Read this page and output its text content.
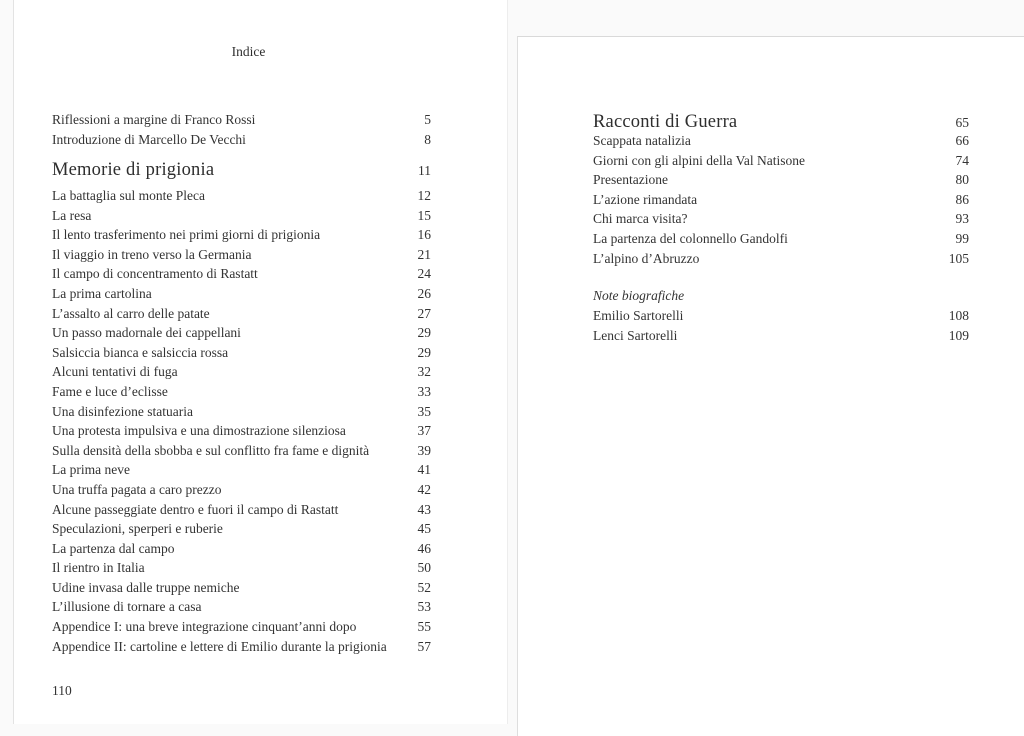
Indice
Riflessioni a margine di Franco Rossi	5
Introduzione di Marcello De Vecchi	8
Memorie di prigionia	11
La battaglia sul monte Pleca	12
La resa	15
Il lento trasferimento nei primi giorni di prigionia	16
Il viaggio in treno verso la Germania	21
Il campo di concentramento di Rastatt	24
La prima cartolina	26
L’assalto al carro delle patate	27
Un passo madornale dei cappellani	29
Salsiccia bianca e salsiccia rossa	29
Alcuni tentativi di fuga	32
Fame e luce d’eclisse	33
Una disinfezione statuaria	35
Una protesta impulsiva e una dimostrazione silenziosa	37
Sulla densità della sbobba e sul conflitto fra fame e dignità	39
La prima neve	41
Una truffa pagata a caro prezzo	42
Alcune passeggiate dentro e fuori il campo di Rastatt	43
Speculazioni, sperperi e ruberie	45
La partenza dal campo	46
Il rientro in Italia	50
Udine invasa dalle truppe nemiche	52
L’illusione di tornare a casa	53
Appendice I: una breve integrazione cinquant’anni dopo	55
Appendice II: cartoline e lettere di Emilio durante la prigionia	57
110
Racconti di Guerra	65
Scappata natalizia	66
Giorni con gli alpini della Val Natisone	74
Presentazione	80
L’azione rimandata	86
Chi marca visita?	93
La partenza del colonnello Gandolfi	99
L’alpino d’Abruzzo	105
Note biografiche
Emilio Sartorelli	108
Lenci Sartorelli	109
